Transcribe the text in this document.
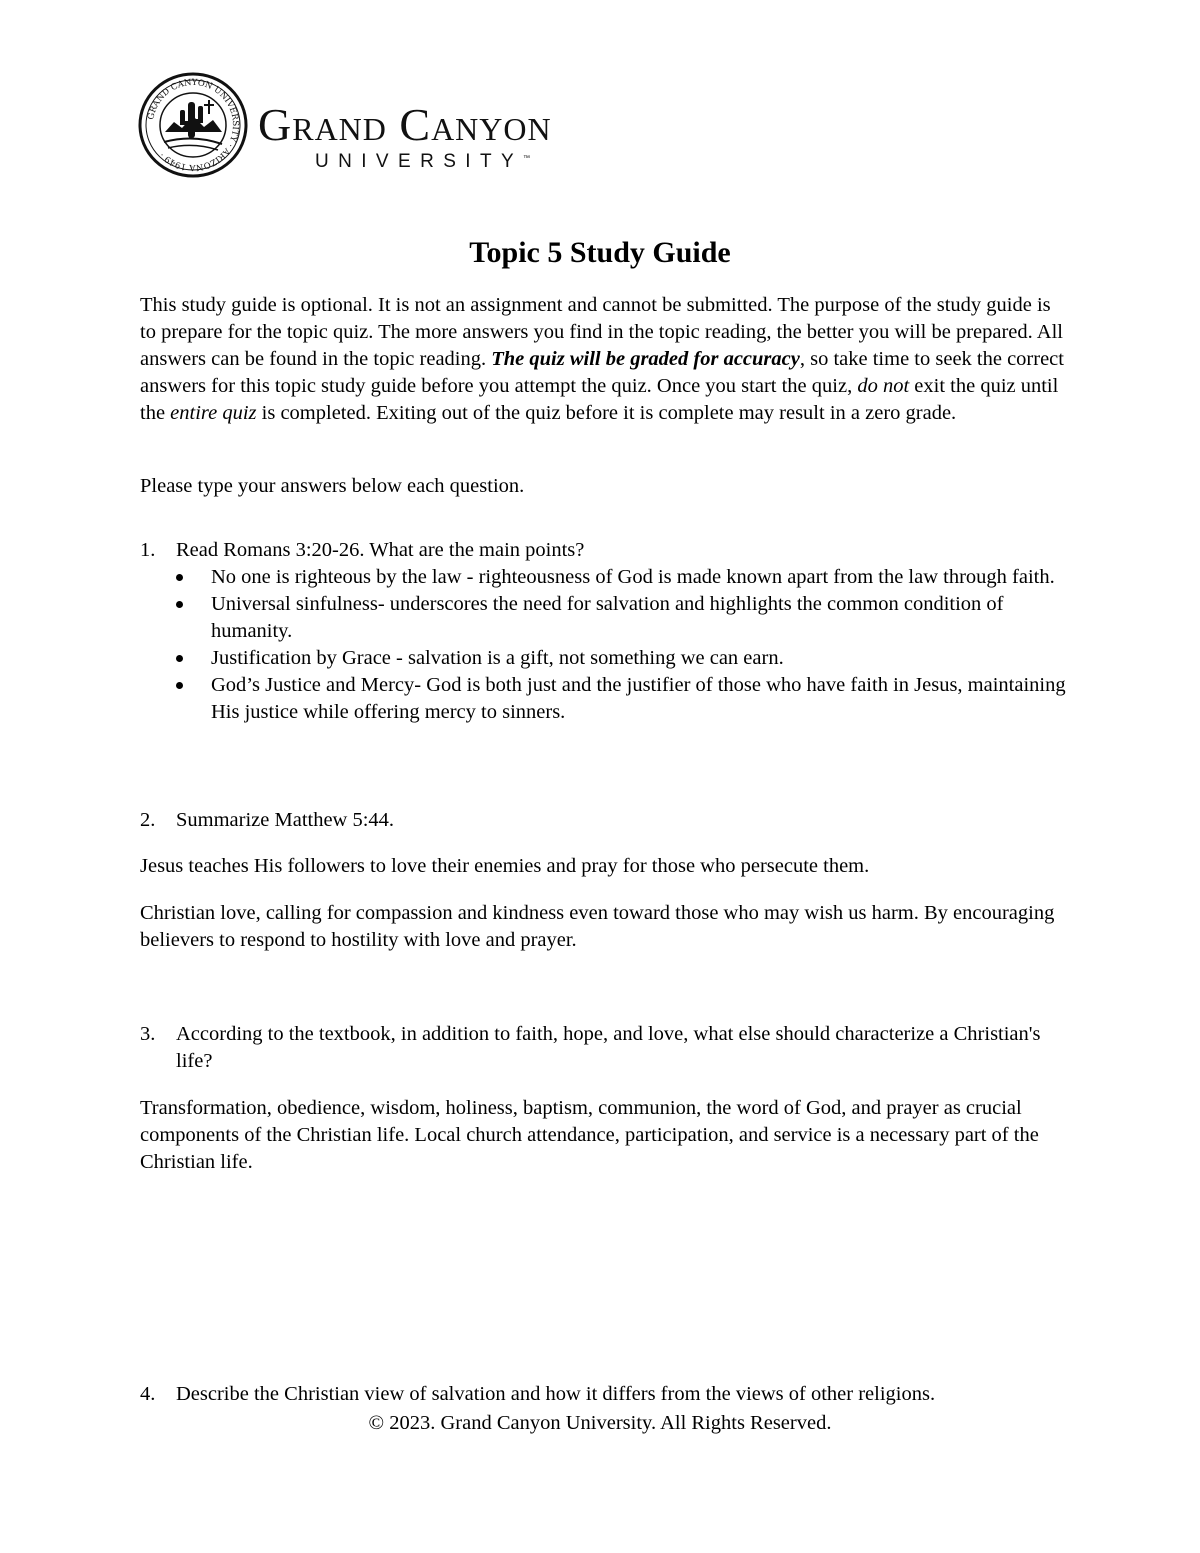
GRAND CANYON UNIVERSITY · ARIZONA 1949 ·
Grand Canyon
UNIVERSITY™
Topic 5 Study Guide

This study guide is optional. It is not an assignment and cannot be submitted. The purpose of the study guide is to prepare for the topic quiz. The more answers you find in the topic reading, the better you will be prepared. All answers can be found in the topic reading. The quiz will be graded for accuracy, so take time to seek the correct answers for this topic study guide before you attempt the quiz. Once you start the quiz, do not exit the quiz until the entire quiz is completed. Exiting out of the quiz before it is complete may result in a zero grade.

Please type your answers below each question.

1.	Read Romans 3:20-26. What are the main points?
No one is righteous by the law - righteousness of God is made known apart from the law through faith.
Universal sinfulness- underscores the need for salvation and highlights the common condition of humanity.
Justification by Grace - salvation is a gift, not something we can earn.
God’s Justice and Mercy- God is both just and the justifier of those who have faith in Jesus, maintaining His justice while offering mercy to sinners.
2.	Summarize Matthew 5:44.

Jesus teaches His followers to love their enemies and pray for those who persecute them.

Christian love, calling for compassion and kindness even toward those who may wish us harm. By encouraging believers to respond to hostility with love and prayer.

3.	According to the textbook, in addition to faith, hope, and love, what else should characterize a Christian's life?

Transformation, obedience, wisdom, holiness, baptism, communion, the word of God, and prayer as crucial components of the Christian life. Local church attendance, participation, and service is a necessary part of the Christian life.

4.	Describe the Christian view of salvation and how it differs from the views of other religions.
© 2023. Grand Canyon University. All Rights Reserved.
